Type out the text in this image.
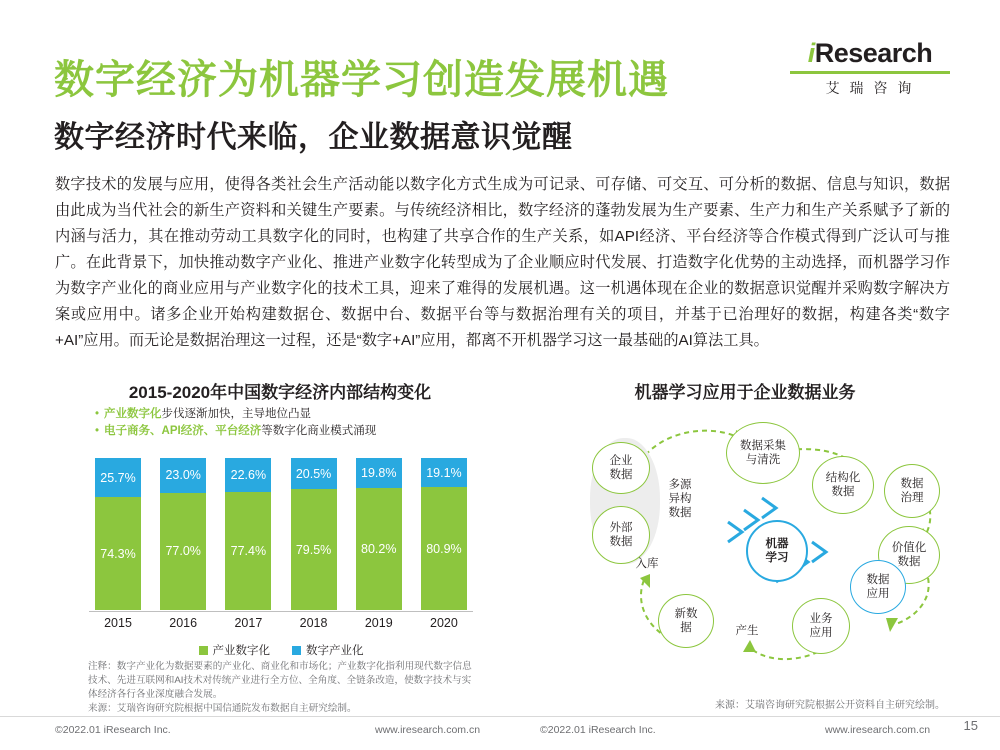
iResearch
艾 瑞 咨 询
数字经济为机器学习创造发展机遇
数字经济时代来临，企业数据意识觉醒
数字技术的发展与应用，使得各类社会生产活动能以数字化方式生成为可记录、可存储、可交互、可分析的数据、信息与知识，数据由此成为当代社会的新生产资料和关键生产要素。与传统经济相比，数字经济的蓬勃发展为生产要素、生产力和生产关系赋予了新的内涵与活力，其在推动劳动工具数字化的同时，也构建了共享合作的生产关系，如API经济、平台经济等合作模式得到广泛认可与推广。在此背景下，加快推动数字产业化、推进产业数字化转型成为了企业顺应时代发展、打造数字化优势的主动选择，而机器学习作为数字产业化的商业应用与产业数字化的技术工具，迎来了难得的发展机遇。这一机遇体现在企业的数据意识觉醒并采购数字解决方案或应用中。诸多企业开始构建数据仓、数据中台、数据平台等与数据治理有关的项目，并基于已治理好的数据，构建各类“数字+AI”应用。而无论是数据治理这一过程，还是“数字+AI”应用，都离不开机器学习这一最基础的AI算法工具。
2015-2020年中国数字经济内部结构变化
• 产业数字化步伐逐渐加快，主导地位凸显
• 电子商务、API经济、平台经济等数字化商业模式涌现
25.7%
74.3%
23.0%
77.0%
22.6%
77.4%
20.5%
79.5%
19.8%
80.2%
19.1%
80.9%
2015	2016	2017	2018	2019	2020
产业数字化	数字产业化
注释：数字产业化为数据要素的产业化、商业化和市场化；产业数字化指利用现代数字信息技术、先进互联网和AI技术对传统产业进行全方位、全角度、全链条改造，使数字技术与实体经济各行各业深度融合发展。
来源：艾瑞咨询研究院根据中国信通院发布数据自主研究绘制。
机器学习应用于企业数据业务
企业
数据
外部
数据
多源
异构
数据
数据采集
与清洗
结构化
数据
数据
治理
价值化
数据
数据
应用
业务
应用
产生
新数
据
入库
机器
学习
来源：艾瑞咨询研究院根据公开资料自主研究绘制。
©2022.01 iResearch Inc.	www.iresearch.com.cn	©2022.01 iResearch Inc.	www.iresearch.com.cn	15
